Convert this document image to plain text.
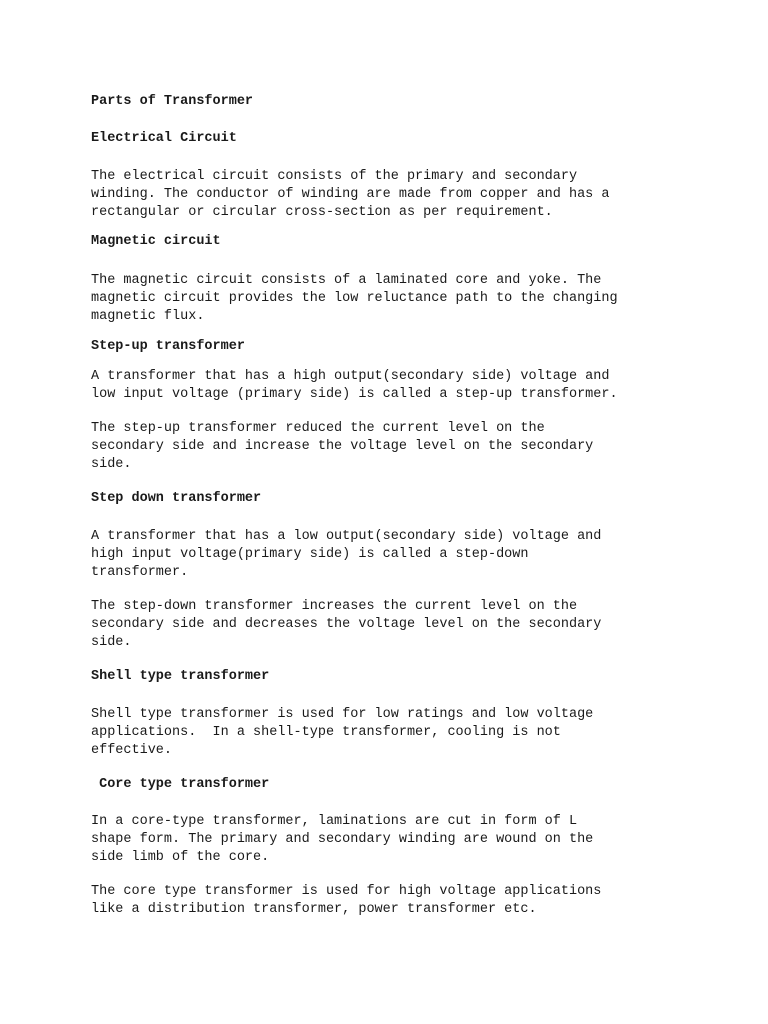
Parts of Transformer

Electrical Circuit

The electrical circuit consists of the primary and secondary
winding. The conductor of winding are made from copper and has a
rectangular or circular cross-section as per requirement.

Magnetic circuit

The magnetic circuit consists of a laminated core and yoke. The
magnetic circuit provides the low reluctance path to the changing
magnetic flux.

Step-up transformer

A transformer that has a high output(secondary side) voltage and
low input voltage (primary side) is called a step-up transformer.

The step-up transformer reduced the current level on the
secondary side and increase the voltage level on the secondary
side.

Step down transformer

A transformer that has a low output(secondary side) voltage and
high input voltage(primary side) is called a step-down
transformer.

The step-down transformer increases the current level on the
secondary side and decreases the voltage level on the secondary
side.

Shell type transformer

Shell type transformer is used for low ratings and low voltage
applications.  In a shell-type transformer, cooling is not
effective.

Core type transformer

In a core-type transformer, laminations are cut in form of L
shape form. The primary and secondary winding are wound on the
side limb of the core.

The core type transformer is used for high voltage applications
like a distribution transformer, power transformer etc.
